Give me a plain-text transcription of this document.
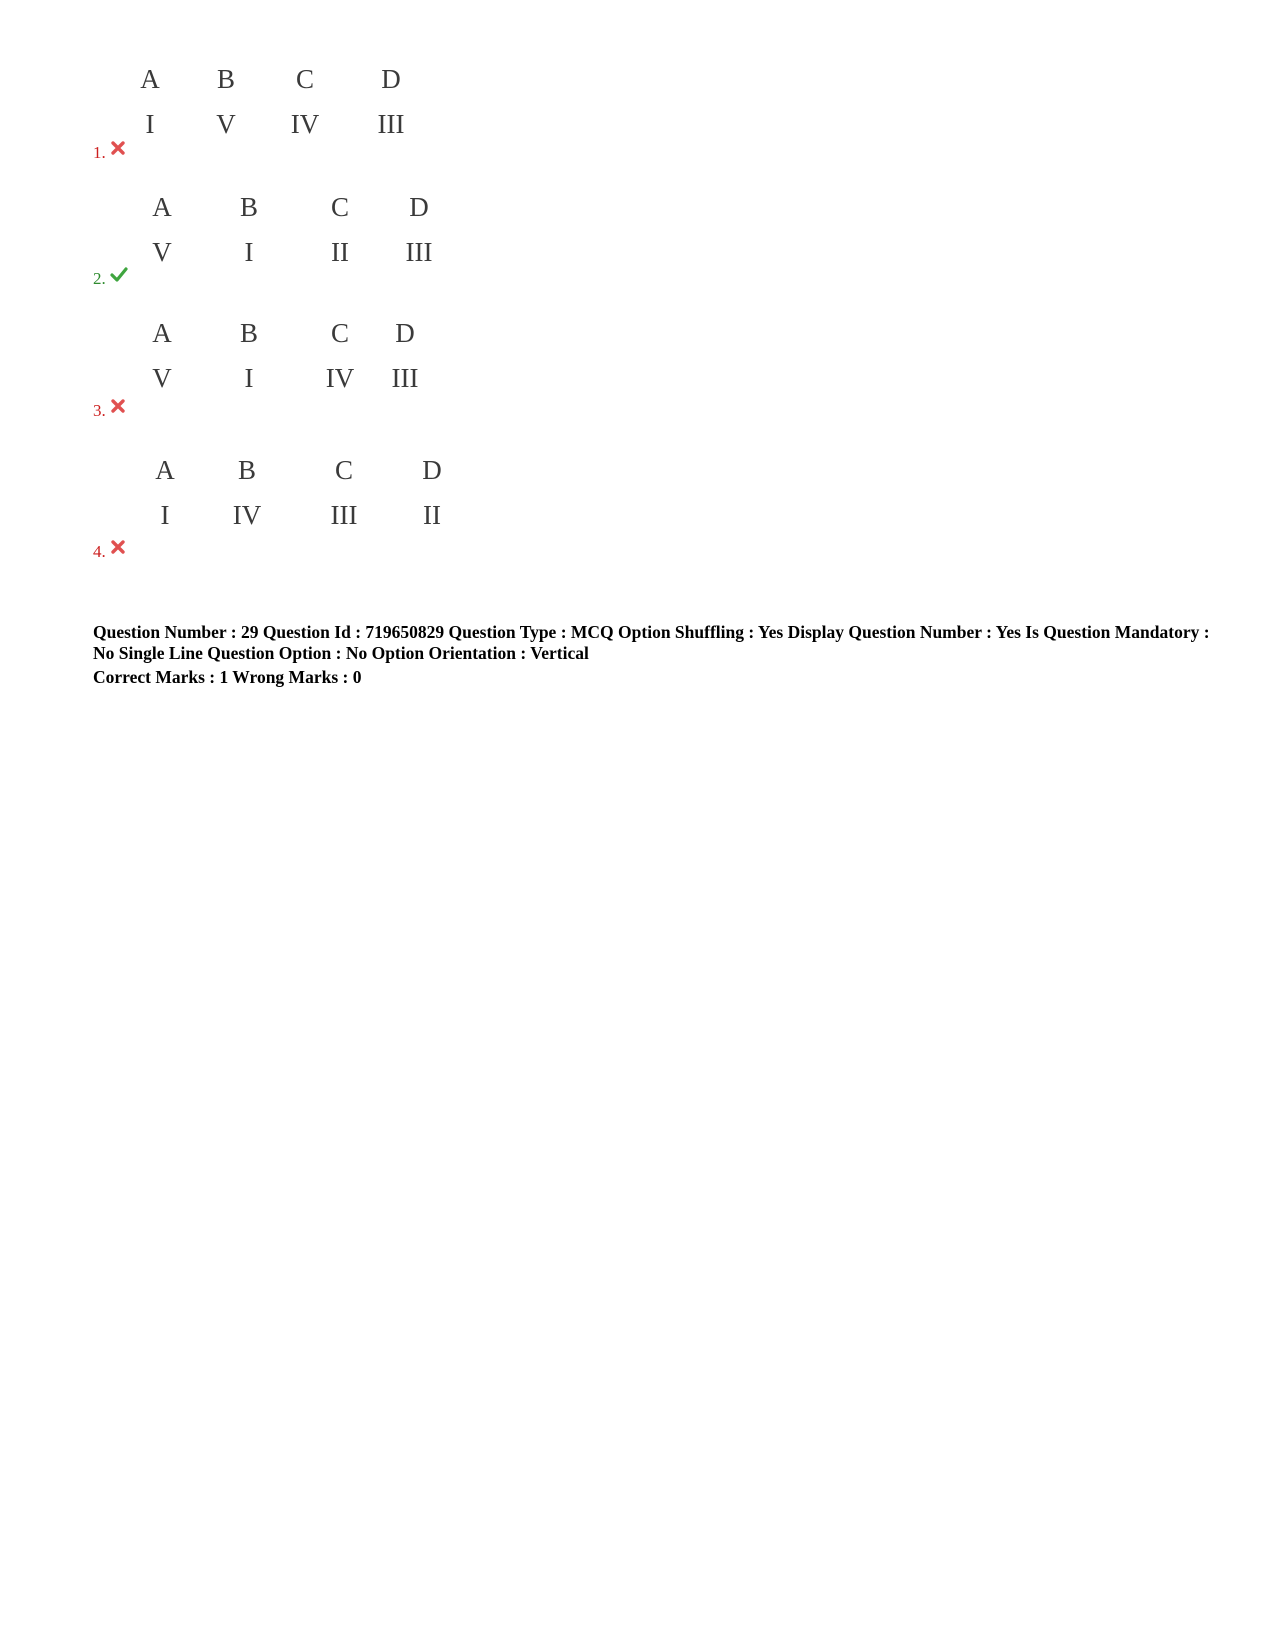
A B C D
I V IV III
1.
A	B	C D
V	I	II III
2.
A	B	C D
V	I	IV III
3.
A B	C	D
I IV	III II
4.
Question Number : 29 Question Id : 719650829 Question Type : MCQ Option Shuffling : Yes Display Question Number : Yes Is Question Mandatory : No Single Line Question Option : No Option Orientation : Vertical
Correct Marks : 1 Wrong Marks : 0
